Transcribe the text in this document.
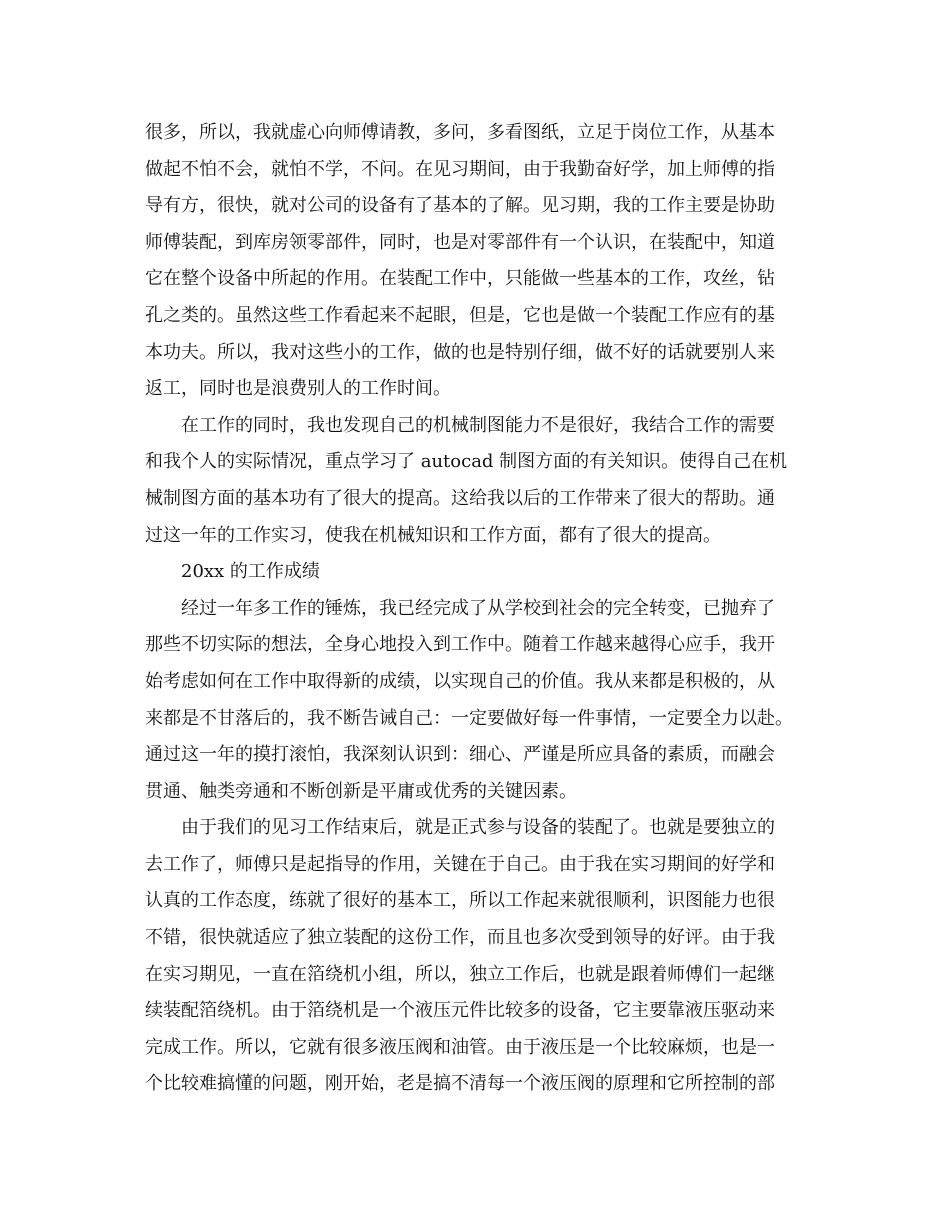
很多，所以，我就虚心向师傅请教，多问，多看图纸，立足于岗位工作，从基本
做起不怕不会，就怕不学，不问。在见习期间，由于我勤奋好学，加上师傅的指
导有方，很快，就对公司的设备有了基本的了解。见习期，我的工作主要是协助
师傅装配，到库房领零部件，同时，也是对零部件有一个认识，在装配中，知道
它在整个设备中所起的作用。在装配工作中，只能做一些基本的工作，攻丝，钻
孔之类的。虽然这些工作看起来不起眼，但是，它也是做一个装配工作应有的基
本功夫。所以，我对这些小的工作，做的也是特别仔细，做不好的话就要别人来
返工，同时也是浪费别人的工作时间。
在工作的同时，我也发现自己的机械制图能力不是很好，我结合工作的需要
和我个人的实际情况，重点学习了 autocad 制图方面的有关知识。使得自己在机
械制图方面的基本功有了很大的提高。这给我以后的工作带来了很大的帮助。通
过这一年的工作实习，使我在机械知识和工作方面，都有了很大的提高。
20xx 的工作成绩
经过一年多工作的锤炼，我已经完成了从学校到社会的完全转变，已抛弃了
那些不切实际的想法，全身心地投入到工作中。随着工作越来越得心应手，我开
始考虑如何在工作中取得新的成绩，以实现自己的价值。我从来都是积极的，从
来都是不甘落后的，我不断告诫自己：一定要做好每一件事情，一定要全力以赴。
通过这一年的摸打滚怕，我深刻认识到：细心、严谨是所应具备的素质，而融会
贯通、触类旁通和不断创新是平庸或优秀的关键因素。
由于我们的见习工作结束后，就是正式参与设备的装配了。也就是要独立的
去工作了，师傅只是起指导的作用，关键在于自己。由于我在实习期间的好学和
认真的工作态度，练就了很好的基本工，所以工作起来就很顺利，识图能力也很
不错，很快就适应了独立装配的这份工作，而且也多次受到领导的好评。由于我
在实习期见，一直在箔绕机小组，所以，独立工作后，也就是跟着师傅们一起继
续装配箔绕机。由于箔绕机是一个液压元件比较多的设备，它主要靠液压驱动来
完成工作。所以，它就有很多液压阀和油管。由于液压是一个比较麻烦，也是一
个比较难搞懂的问题，刚开始，老是搞不清每一个液压阀的原理和它所控制的部
